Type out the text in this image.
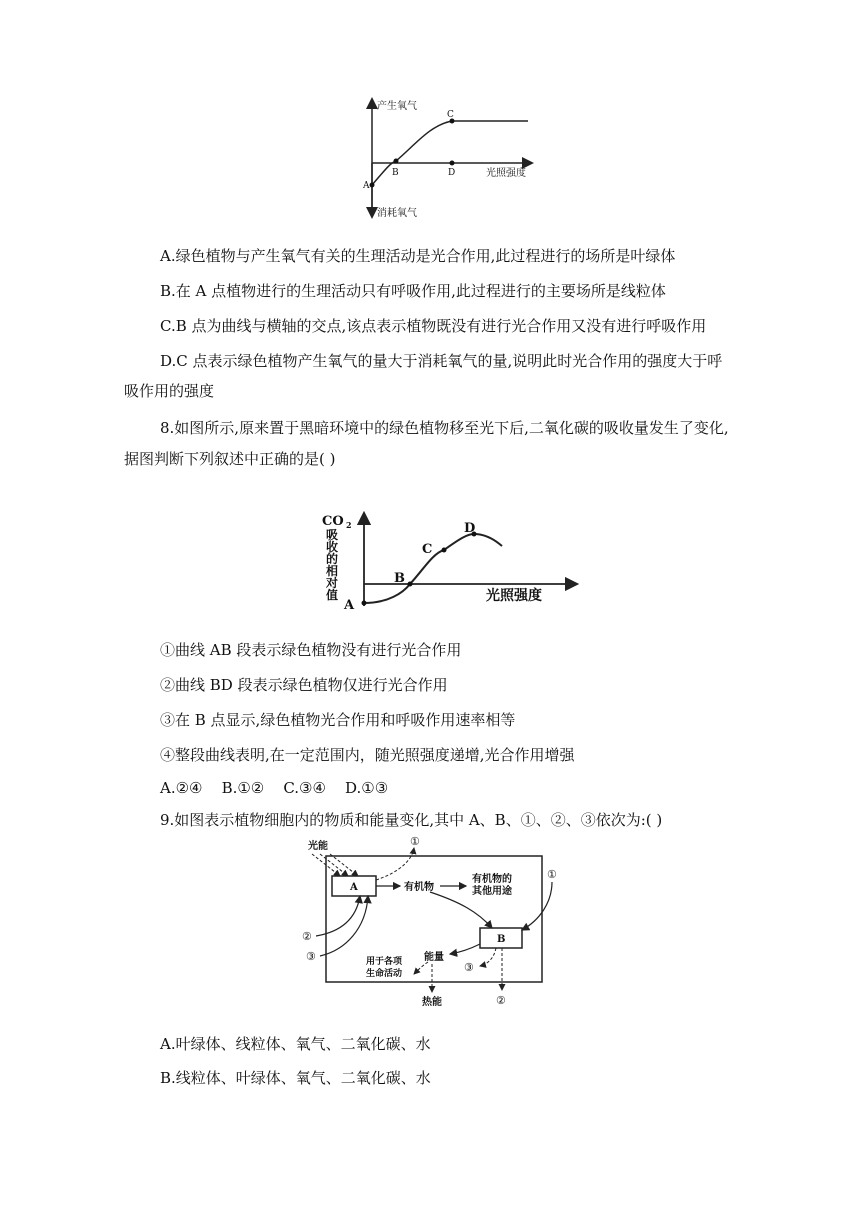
产生氧气
消耗氧气
光照强度
A
B
C
D
A.绿色植物与产生氧气有关的生理活动是光合作用,此过程进行的场所是叶绿体
B.在 A 点植物进行的生理活动只有呼吸作用,此过程进行的主要场所是线粒体
C.B 点为曲线与横轴的交点,该点表示植物既没有进行光合作用又没有进行呼吸作用
D.C 点表示绿色植物产生氧气的量大于消耗氧气的量,说明此时光合作用的强度大于呼
吸作用的强度
8.如图所示,原来置于黑暗环境中的绿色植物移至光下后,二氧化碳的吸收量发生了变化,
据图判断下列叙述中正确的是( )
CO 2
吸
收
的
相
对
值	光照强度
A
B
C
D
①曲线 AB 段表示绿色植物没有进行光合作用
②曲线 BD 段表示绿色植物仅进行光合作用
③在 B 点显示,绿色植物光合作用和呼吸作用速率相等
④整段曲线表明,在一定范围内，随光照强度递增,光合作用增强
A.②④    B.①②    C.③④    D.①③
9.如图表示植物细胞内的物质和能量变化,其中 A、B、①、②、③依次为:( )
A
B
光能	①
有机物
有机物的
其他用途
①
②
③	能量
用于各项
生命活动
热能
③
②
A.叶绿体、线粒体、氧气、二氧化碳、水
B.线粒体、叶绿体、氧气、二氧化碳、水
